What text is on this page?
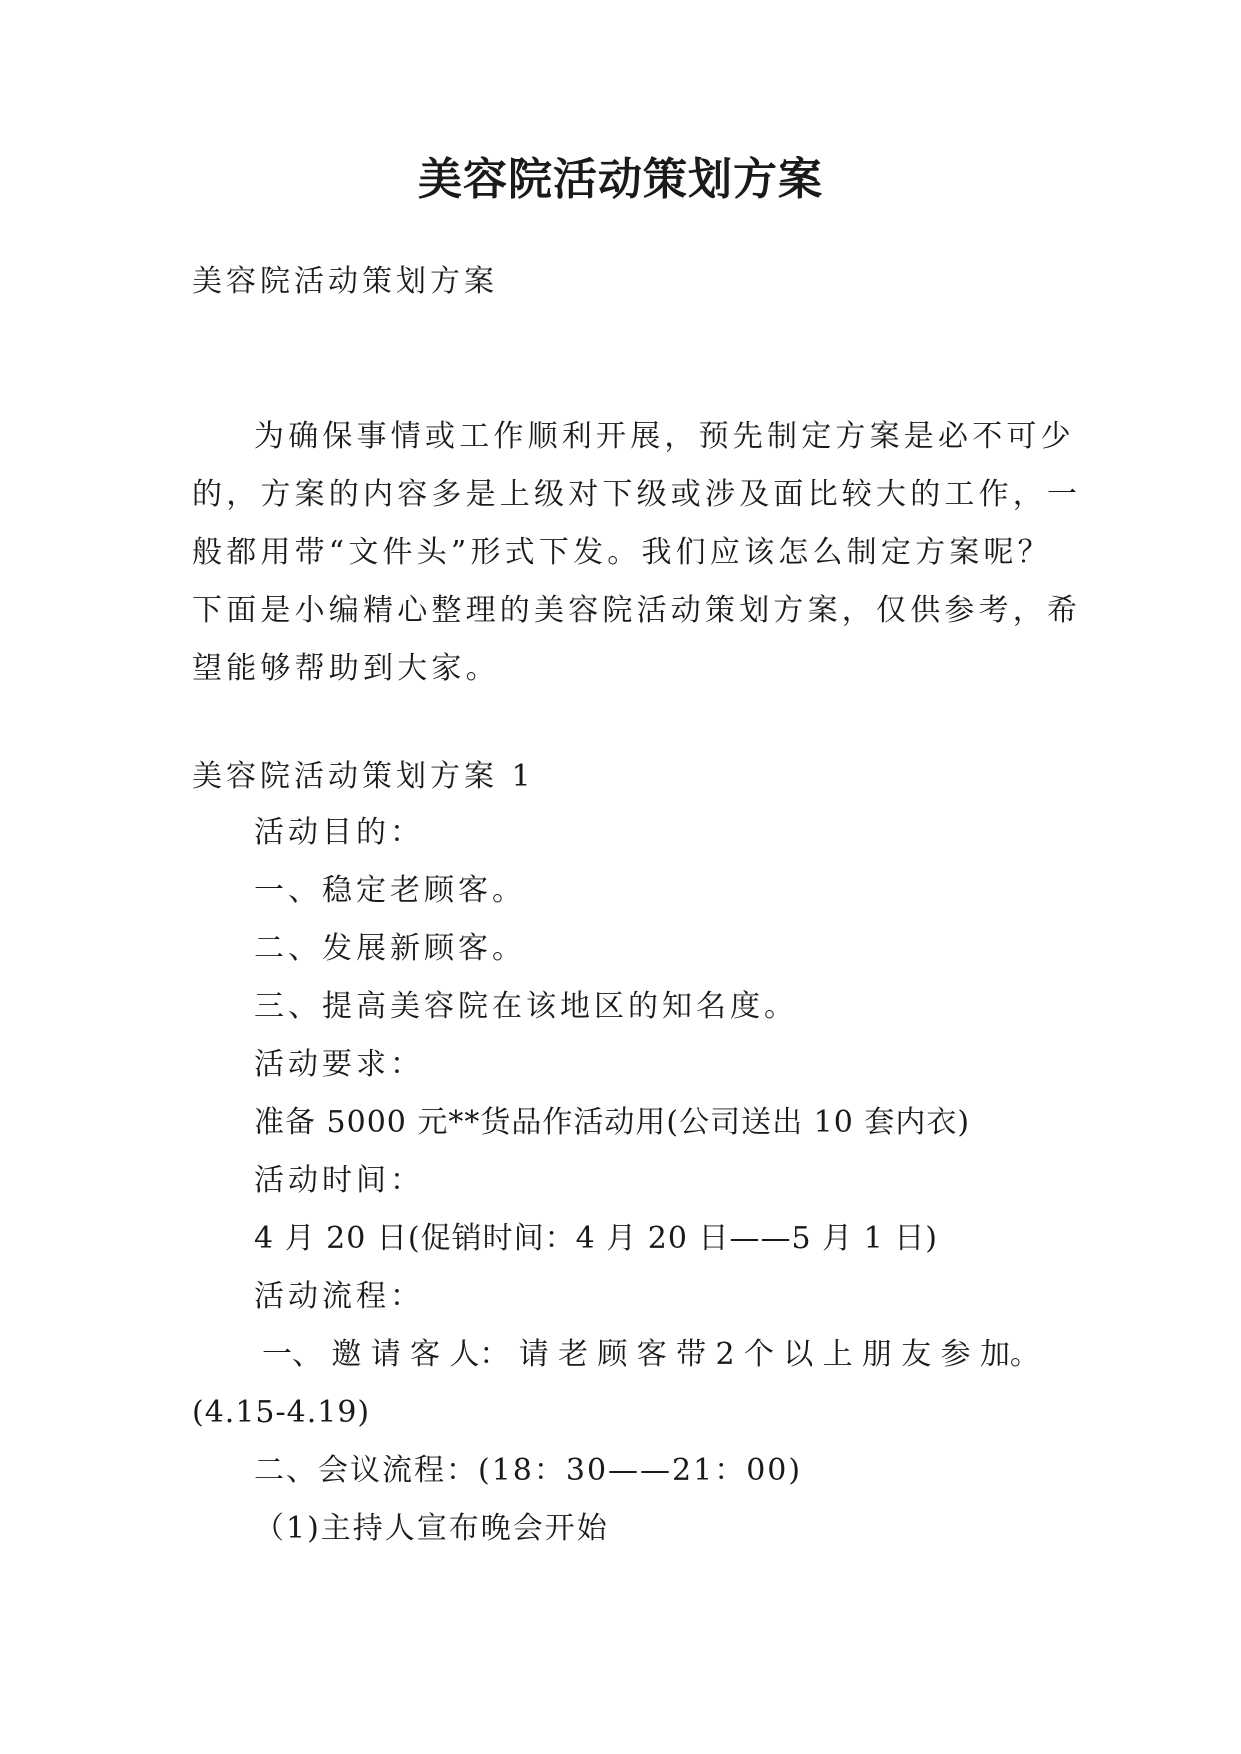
美容院活动策划方案
美容院活动策划方案
为确保事情或工作顺利开展，预先制定方案是必不可少
的，方案的内容多是上级对下级或涉及面比较大的工作，一
般都用带“文件头”形式下发。我们应该怎么制定方案呢？
下面是小编精心整理的美容院活动策划方案，仅供参考，希
望能够帮助到大家。
美容院活动策划方案 1
活动目的：
一、稳定老顾客。
二、发展新顾客。
三、提高美容院在该地区的知名度。
活动要求：
准备 5000 元**货品作活动用(公司送出 10 套内衣)
活动时间：
4 月 20 日(促销时间：4 月 20 日——5 月 1 日)
活动流程：
一、 邀 请 客 人： 请 老 顾 客 带 2 个 以 上 朋 友 参 加。
(4.15-4.19)
二、会议流程：(18：30——21：00)
（1)主持人宣布晚会开始
